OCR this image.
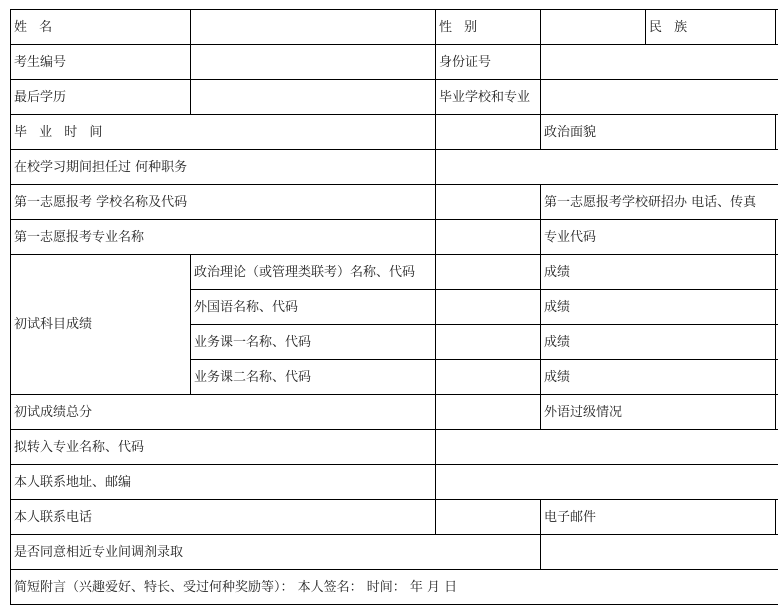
姓 名	性 别	民 族
考生编号	身份证号
最后学历	毕业学校和专业
毕 业 时 间	政治面貌
在校学习期间担任过 何种职务
第一志愿报考 学校名称及代码	第一志愿报考学校研招办 电话、传真
第一志愿报考专业名称	专业代码
初试科目成绩
政治理论（或管理类联考）名称、代码	成绩
外国语名称、代码	成绩
业务课一名称、代码	成绩
业务课二名称、代码	成绩
初试成绩总分	外语过级情况
拟转入专业名称、代码
本人联系地址、邮编
本人联系电话	电子邮件
是否同意相近专业间调剂录取
简短附言（兴趣爱好、特长、受过何种奖励等）： 本人签名： 时间： 年 月 日
